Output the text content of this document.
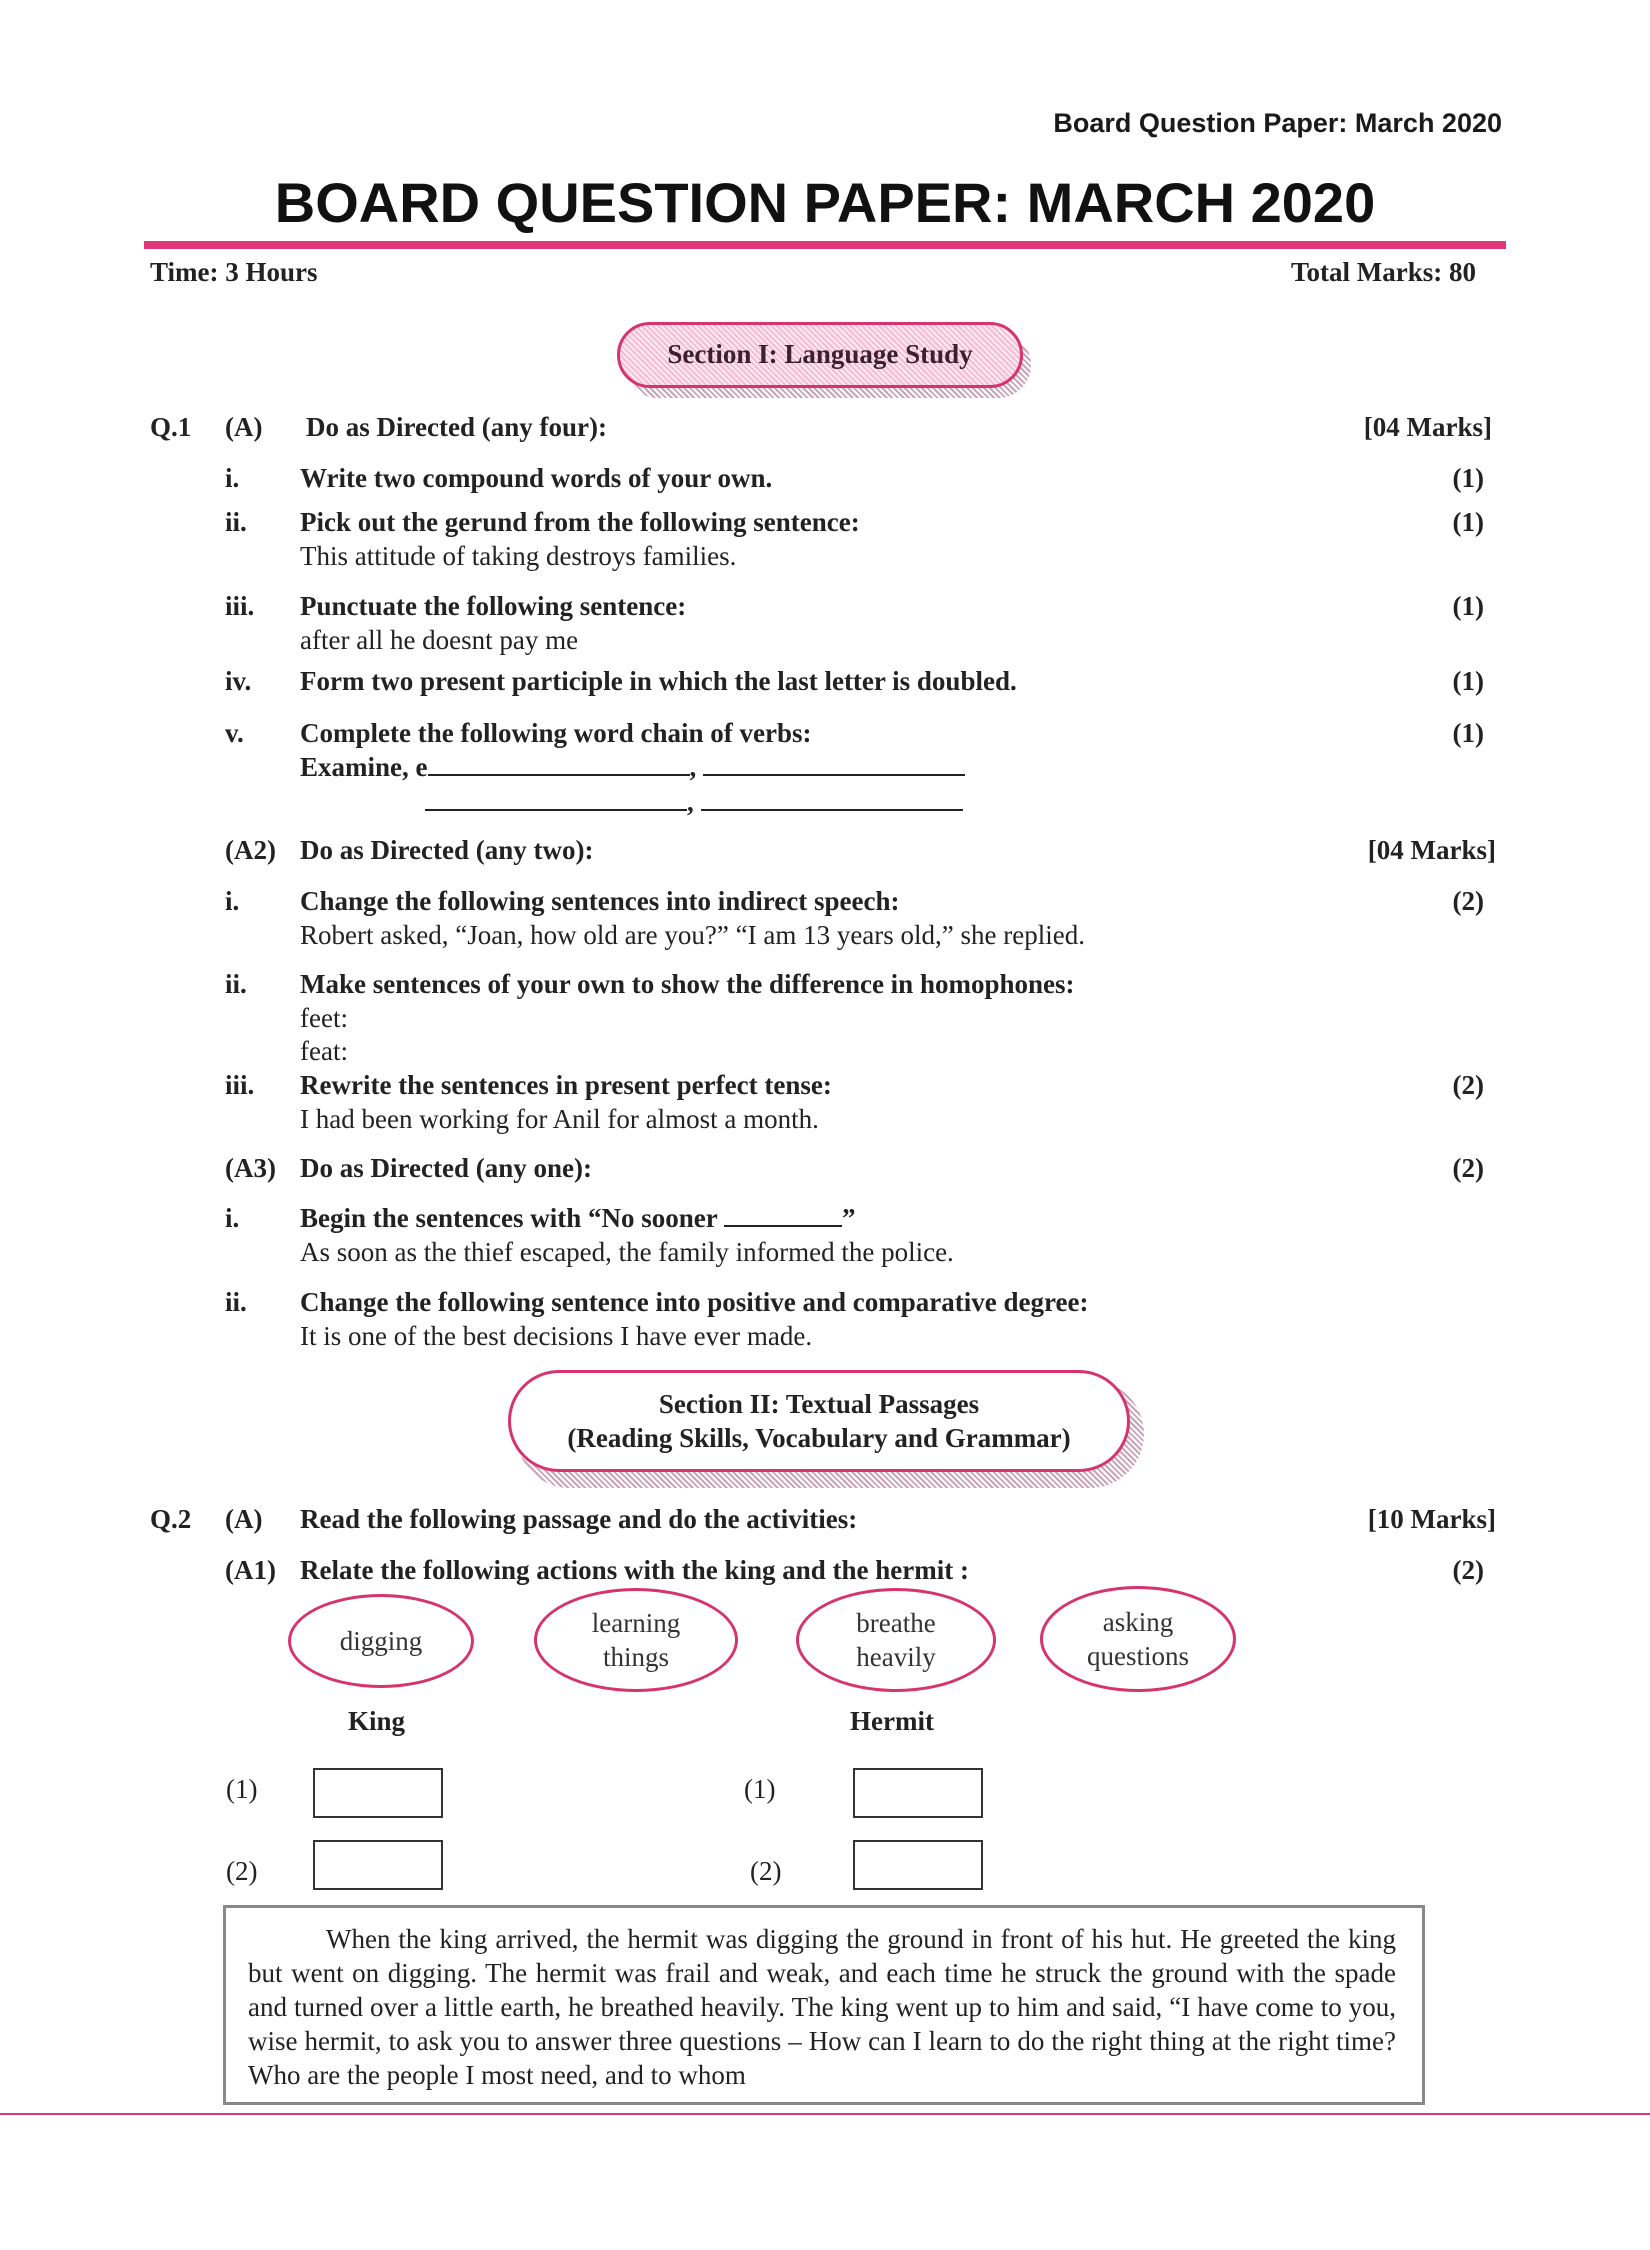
Board Question Paper: March 2020
BOARD QUESTION PAPER: MARCH 2020
Time: 3 Hours	Total Marks: 80
Section I: Language Study
Q.1 (A) Do as Directed (any four):	[04 Marks]
i. Write two compound words of your own.	(1)
ii. Pick out the gerund from the following sentence:
This attitude of taking destroys families.
(1)
iii. Punctuate the following sentence:
after all he doesnt pay me
(1)
iv. Form two present participle in which the last letter is doubled.	(1)
v. Complete the following word chain of verbs:	(1)
Examine, e	,
,
(A2) Do as Directed (any two):	[04 Marks]
i. Change the following sentences into indirect speech:
Robert asked, “Joan, how old are you?” “I am 13 years old,” she replied.
(2)
ii. Make sentences of your own to show the difference in homophones:
feet:
feat:
iii. Rewrite the sentences in present perfect tense:
I had been working for Anil for almost a month.
(2)
(A3) Do as Directed (any one):	(2)
i. Begin the sentences with “No sooner	”
As soon as the thief escaped, the family informed the police.
ii. Change the following sentence into positive and comparative degree:
It is one of the best decisions I have ever made.
Section II: Textual Passages
(Reading Skills, Vocabulary and Grammar)
Q.2 (A) Read the following passage and do the activities:	[10 Marks]
(A1) Relate the following actions with the king and the hermit :	(2)
digging
learning
things
breathe
heavily
asking
questions
King	Hermit
(1)	(1)
(2)	(2)

When the king arrived, the hermit was digging the ground in front of his hut. He greeted the king but went on digging. The hermit was frail and weak, and each time he struck the ground with the spade and turned over a little earth, he breathed heavily. The king went up to him and said, “I have come to you, wise hermit, to ask you to answer three questions – How can I learn to do the right thing at the right time? Who are the people I most need, and to whom
